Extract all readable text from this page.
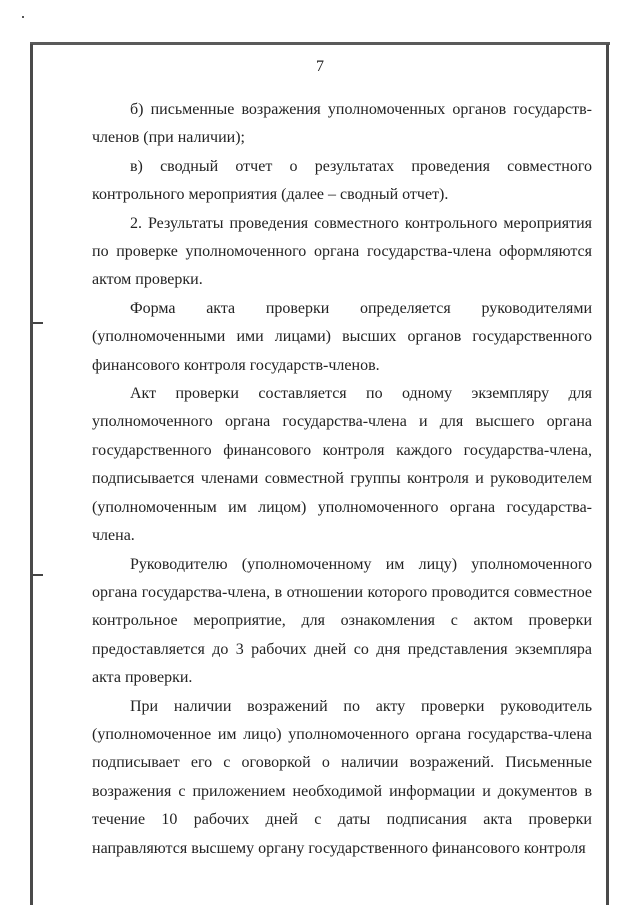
7

б) письменные возражения уполномоченных органов государств-членов (при наличии);

в) сводный отчет о результатах проведения совместного контрольного мероприятия (далее – сводный отчет).

2. Результаты проведения совместного контрольного мероприятия по проверке уполномоченного органа государства-члена оформляются актом проверки.

Форма акта проверки определяется руководителями (уполномоченными ими лицами) высших органов государственного финансового контроля государств-членов.

Акт проверки составляется по одному экземпляру для уполномоченного органа государства-члена и для высшего органа государственного финансового контроля каждого государства-члена, подписывается членами совместной группы контроля и руководителем (уполномоченным им лицом) уполномоченного органа государства-члена.

Руководителю (уполномоченному им лицу) уполномоченного органа государства-члена, в отношении которого проводится совместное контрольное мероприятие, для ознакомления с актом проверки предоставляется до 3 рабочих дней со дня представления экземпляра акта проверки.

При наличии возражений по акту проверки руководитель (уполномоченное им лицо) уполномоченного органа государства-члена подписывает его с оговоркой о наличии возражений. Письменные возражения с приложением необходимой информации и документов в течение 10 рабочих дней с даты подписания акта проверки направляются высшему органу государственного финансового контроля
